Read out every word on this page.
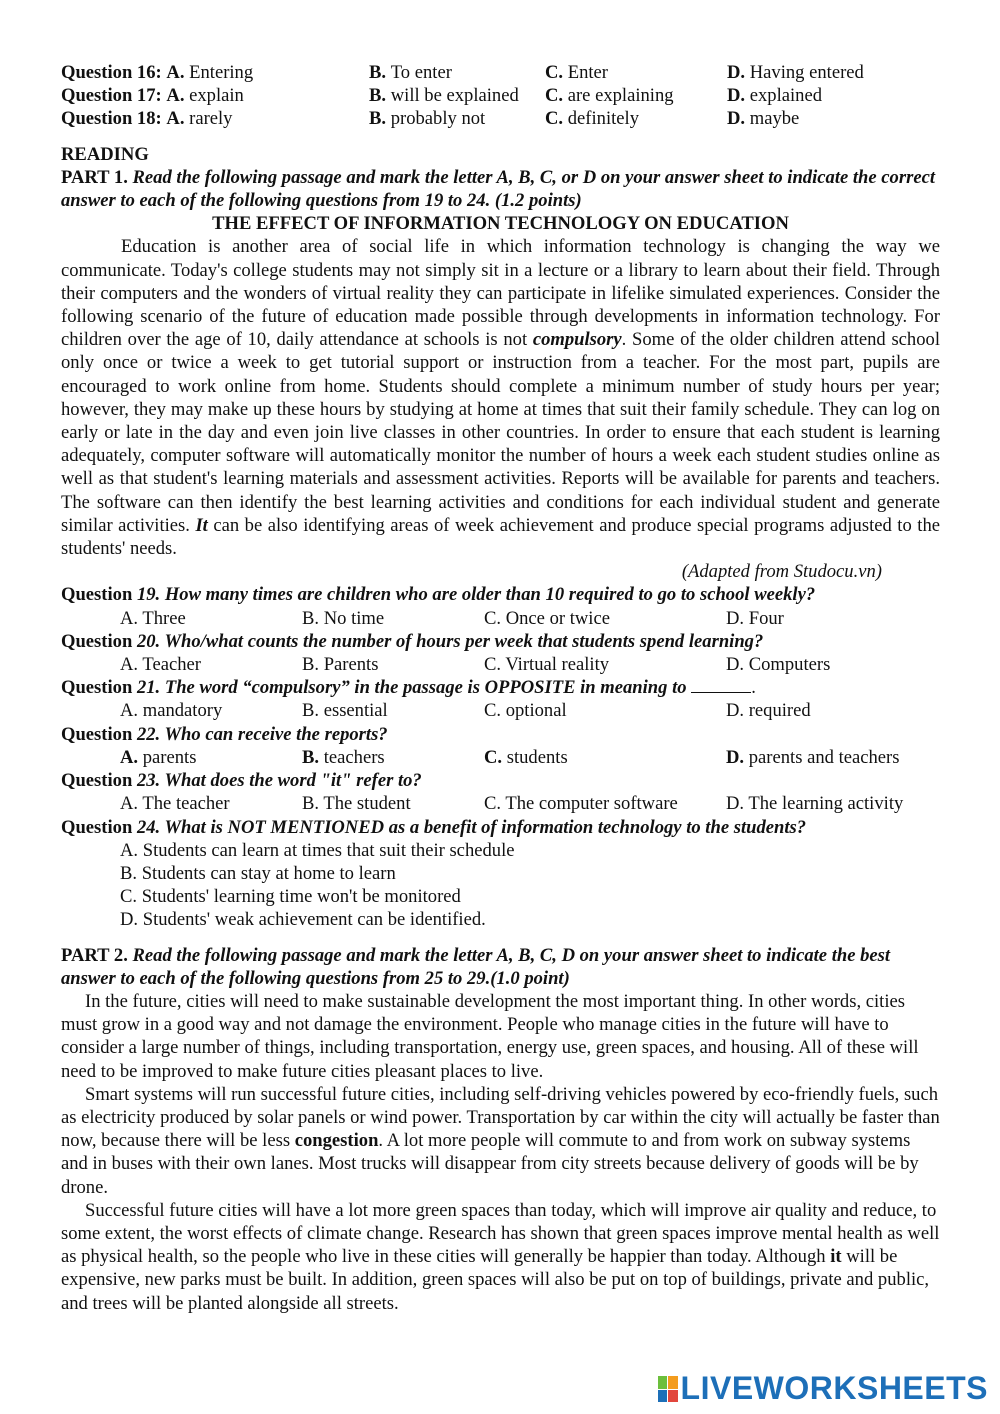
Question 16: A. Entering	B. To enter	C. Enter	D. Having entered
Question 17: A. explain	B. will be explained	C. are explaining	D. explained
Question 18: A. rarely	B. probably not	C. definitely	D. maybe
READING
PART 1. Read the following passage and mark the letter A, B, C, or D on your answer sheet to indicate the correct answer to each of the following questions from 19 to 24. (1.2 points)
THE EFFECT OF INFORMATION TECHNOLOGY ON EDUCATION
Education is another area of social life in which information technology is changing the way we communicate. Today's college students may not simply sit in a lecture or a library to learn about their field. Through their computers and the wonders of virtual reality they can participate in lifelike simulated experiences. Consider the following scenario of the future of education made possible through developments in information technology. For children over the age of 10, daily attendance at schools is not compulsory. Some of the older children attend school only once or twice a week to get tutorial support or instruction from a teacher. For the most part, pupils are encouraged to work online from home. Students should complete a minimum number of study hours per year; however, they may make up these hours by studying at home at times that suit their family schedule. They can log on early or late in the day and even join live classes in other countries. In order to ensure that each student is learning adequately, computer software will automatically monitor the number of hours a week each student studies online as well as that student's learning materials and assessment activities. Reports will be available for parents and teachers. The software can then identify the best learning activities and conditions for each individual student and generate similar activities. It can be also identifying areas of week achievement and produce special programs adjusted to the students' needs.
(Adapted from Studocu.vn)
Question 19. How many times are children who are older than 10 required to go to school weekly?
A. Three	B. No time	C. Once or twice	D. Four
Question 20. Who/what counts the number of hours per week that students spend learning?
A. Teacher	B. Parents	C. Virtual reality	D. Computers
Question 21. The word “compulsory” in the passage is OPPOSITE in meaning to	.
A. mandatory	B. essential	C. optional	D. required
Question 22. Who can receive the reports?
A. parents	B. teachers	C. students	D. parents and teachers
Question 23. What does the word "it" refer to?
A. The teacher	B. The student	C. The computer software	D. The learning activity
Question 24. What is NOT MENTIONED as a benefit of information technology to the students?
A. Students can learn at times that suit their schedule
B. Students can stay at home to learn
C. Students' learning time won't be monitored
D. Students' weak achievement can be identified.
PART 2. Read the following passage and mark the letter A, B, C, D on your answer sheet to indicate the best answer to each of the following questions from 25 to 29.(1.0 point)
In the future, cities will need to make sustainable development the most important thing. In other words, cities must grow in a good way and not damage the environment. People who manage cities in the future will have to consider a large number of things, including transportation, energy use, green spaces, and housing. All of these will need to be improved to make future cities pleasant places to live.
Smart systems will run successful future cities, including self-driving vehicles powered by eco-friendly fuels, such as electricity produced by solar panels or wind power. Transportation by car within the city will actually be faster than now, because there will be less congestion. A lot more people will commute to and from work on subway systems and in buses with their own lanes. Most trucks will disappear from city streets because delivery of goods will be by drone.
Successful future cities will have a lot more green spaces than today, which will improve air quality and reduce, to some extent, the worst effects of climate change. Research has shown that green spaces improve mental health as well as physical health, so the people who live in these cities will generally be happier than today. Although it will be expensive, new parks must be built. In addition, green spaces will also be put on top of buildings, private and public, and trees will be planted alongside all streets.
LIVEWORKSHEETS
